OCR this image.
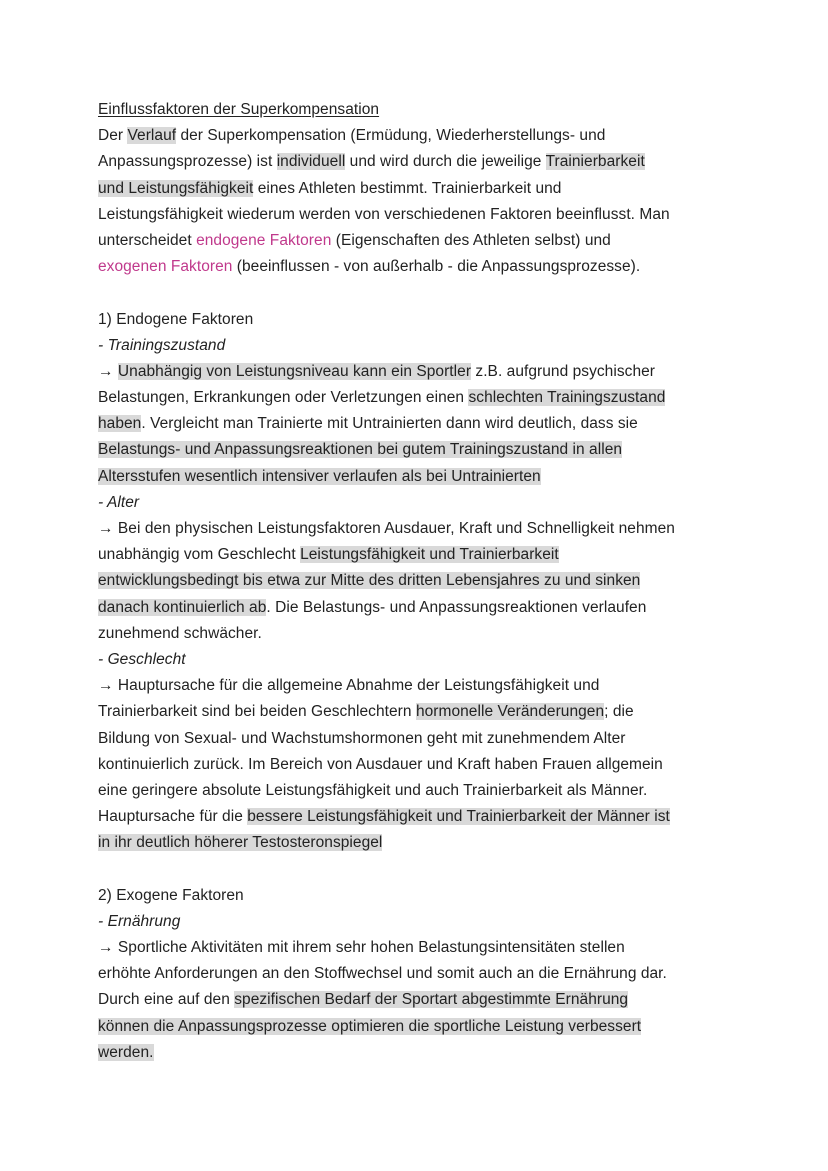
Einflussfaktoren der Superkompensation
Der Verlauf der Superkompensation (Ermüdung, Wiederherstellungs- und
Anpassungsprozesse) ist individuell und wird durch die jeweilige Trainierbarkeit
und Leistungsfähigkeit eines Athleten bestimmt. Trainierbarkeit und
Leistungsfähigkeit wiederum werden von verschiedenen Faktoren beeinflusst. Man
unterscheidet endogene Faktoren (Eigenschaften des Athleten selbst) und
exogenen Faktoren (beeinflussen - von außerhalb - die Anpassungsprozesse).
1) Endogene Faktoren
- Trainingszustand
→ Unabhängig von Leistungsniveau kann ein Sportler z.B. aufgrund psychischer
Belastungen, Erkrankungen oder Verletzungen einen schlechten Trainingszustand
haben. Vergleicht man Trainierte mit Untrainierten dann wird deutlich, dass sie
Belastungs- und Anpassungsreaktionen bei gutem Trainingszustand in allen
Altersstufen wesentlich intensiver verlaufen als bei Untrainierten
- Alter
→ Bei den physischen Leistungsfaktoren Ausdauer, Kraft und Schnelligkeit nehmen
unabhängig vom Geschlecht Leistungsfähigkeit und Trainierbarkeit
entwicklungsbedingt bis etwa zur Mitte des dritten Lebensjahres zu und sinken
danach kontinuierlich ab. Die Belastungs- und Anpassungsreaktionen verlaufen
zunehmend schwächer.
- Geschlecht
→ Hauptursache für die allgemeine Abnahme der Leistungsfähigkeit und
Trainierbarkeit sind bei beiden Geschlechtern hormonelle Veränderungen; die
Bildung von Sexual- und Wachstumshormonen geht mit zunehmendem Alter
kontinuierlich zurück. Im Bereich von Ausdauer und Kraft haben Frauen allgemein
eine geringere absolute Leistungsfähigkeit und auch Trainierbarkeit als Männer.
Hauptursache für die bessere Leistungsfähigkeit und Trainierbarkeit der Männer ist
in ihr deutlich höherer Testosteronspiegel
2) Exogene Faktoren
- Ernährung
→ Sportliche Aktivitäten mit ihrem sehr hohen Belastungsintensitäten stellen
erhöhte Anforderungen an den Stoffwechsel und somit auch an die Ernährung dar.
Durch eine auf den spezifischen Bedarf der Sportart abgestimmte Ernährung
können die Anpassungsprozesse optimieren die sportliche Leistung verbessert
werden.
